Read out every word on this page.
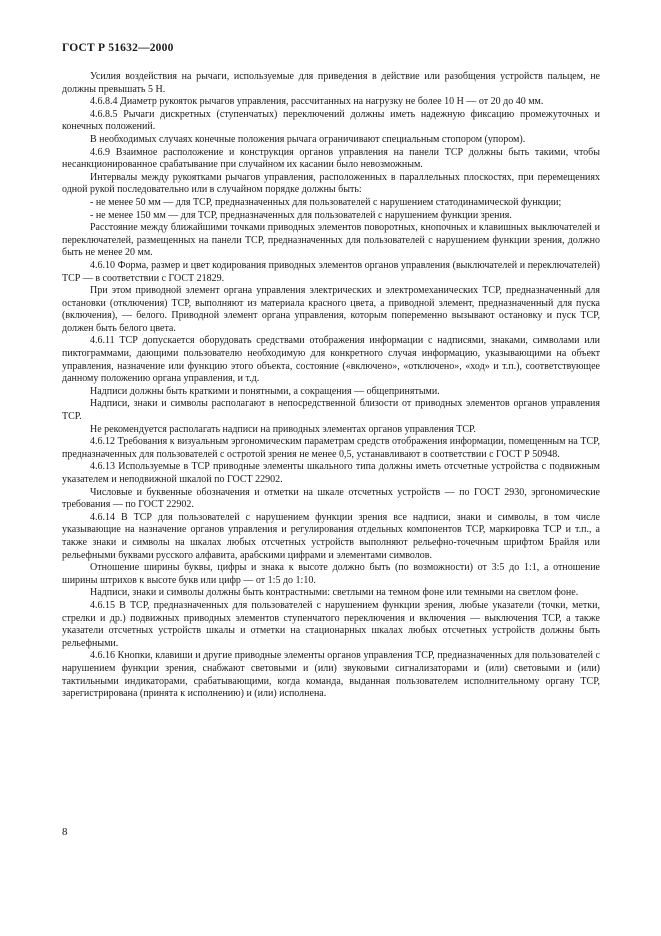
ГОСТ Р 51632—2000

Усилия воздействия на рычаги, используемые для приведения в действие или разобщения устройств пальцем, не должны превышать 5 Н.

4.6.8.4 Диаметр рукояток рычагов управления, рассчитанных на нагрузку не более 10 Н — от 20 до 40 мм.

4.6.8.5 Рычаги дискретных (ступенчатых) переключений должны иметь надежную фиксацию промежуточных и конечных положений.

В необходимых случаях конечные положения рычага ограничивают специальным стопором (упором).

4.6.9 Взаимное расположение и конструкция органов управления на панели ТСР должны быть такими, чтобы несанкционированное срабатывание при случайном их касании было невозможным.

Интервалы между рукоятками рычагов управления, расположенных в параллельных плоскостях, при перемещениях одной рукой последовательно или в случайном порядке должны быть:

- не менее 50 мм — для ТСР, предназначенных для пользователей с нарушением статодинамической функции;

- не менее 150 мм — для ТСР, предназначенных для пользователей с нарушением функции зрения.

Расстояние между ближайшими точками приводных элементов поворотных, кнопочных и клавишных выключателей и переключателей, размещенных на панели ТСР, предназначенных для пользователей с нарушением функции зрения, должно быть не менее 20 мм.

4.6.10 Форма, размер и цвет кодирования приводных элементов органов управления (выключателей и переключателей) ТСР — в соответствии с ГОСТ 21829.

При этом приводной элемент органа управления электрических и электромеханических ТСР, предназначенный для остановки (отключения) ТСР, выполняют из материала красного цвета, а приводной элемент, предназначенный для пуска (включения), — белого. Приводной элемент органа управления, которым попеременно вызывают остановку и пуск ТСР, должен быть белого цвета.

4.6.11 ТСР допускается оборудовать средствами отображения информации с надписями, знаками, символами или пиктограммами, дающими пользователю необходимую для конкретного случая информацию, указывающими на объект управления, назначение или функцию этого объекта, состояние («включено», «отключено», «ход» и т.п.), соответствующее данному положению органа управления, и т.д.

Надписи должны быть краткими и понятными, а сокращения — общепринятыми.

Надписи, знаки и символы располагают в непосредственной близости от приводных элементов органов управления ТСР.

Не рекомендуется располагать надписи на приводных элементах органов управления ТСР.

4.6.12 Требования к визуальным эргономическим параметрам средств отображения информации, помещенным на ТСР, предназначенных для пользователей с остротой зрения не менее 0,5, устанавливают в соответствии с ГОСТ Р 50948.

4.6.13 Используемые в ТСР приводные элементы шкального типа должны иметь отсчетные устройства с подвижным указателем и неподвижной шкалой по ГОСТ 22902.

Числовые и буквенные обозначения и отметки на шкале отсчетных устройств — по ГОСТ 2930, эргономические требования — по ГОСТ 22902.

4.6.14 В ТСР для пользователей с нарушением функции зрения все надписи, знаки и символы, в том числе указывающие на назначение органов управления и регулирования отдельных компонентов ТСР, маркировка ТСР и т.п., а также знаки и символы на шкалах любых отсчетных устройств выполняют рельефно-точечным шрифтом Брайля или рельефными буквами русского алфавита, арабскими цифрами и элементами символов.

Отношение ширины буквы, цифры и знака к высоте должно быть (по возможности) от 3:5 до 1:1, а отношение ширины штрихов к высоте букв или цифр — от 1:5 до 1:10.

Надписи, знаки и символы должны быть контрастными: светлыми на темном фоне или темными на светлом фоне.

4.6.15 В ТСР, предназначенных для пользователей с нарушением функции зрения, любые указатели (точки, метки, стрелки и др.) подвижных приводных элементов ступенчатого переключения и включения — выключения ТСР, а также указатели отсчетных устройств шкалы и отметки на стационарных шкалах любых отсчетных устройств должны быть рельефными.

4.6.16 Кнопки, клавиши и другие приводные элементы органов управления ТСР, предназначенных для пользователей с нарушением функции зрения, снабжают световыми и (или) звуковыми сигнализаторами и (или) световыми и (или) тактильными индикаторами, срабатывающими, когда команда, выданная пользователем исполнительному органу ТСР, зарегистрирована (принята к исполнению) и (или) исполнена.

8
